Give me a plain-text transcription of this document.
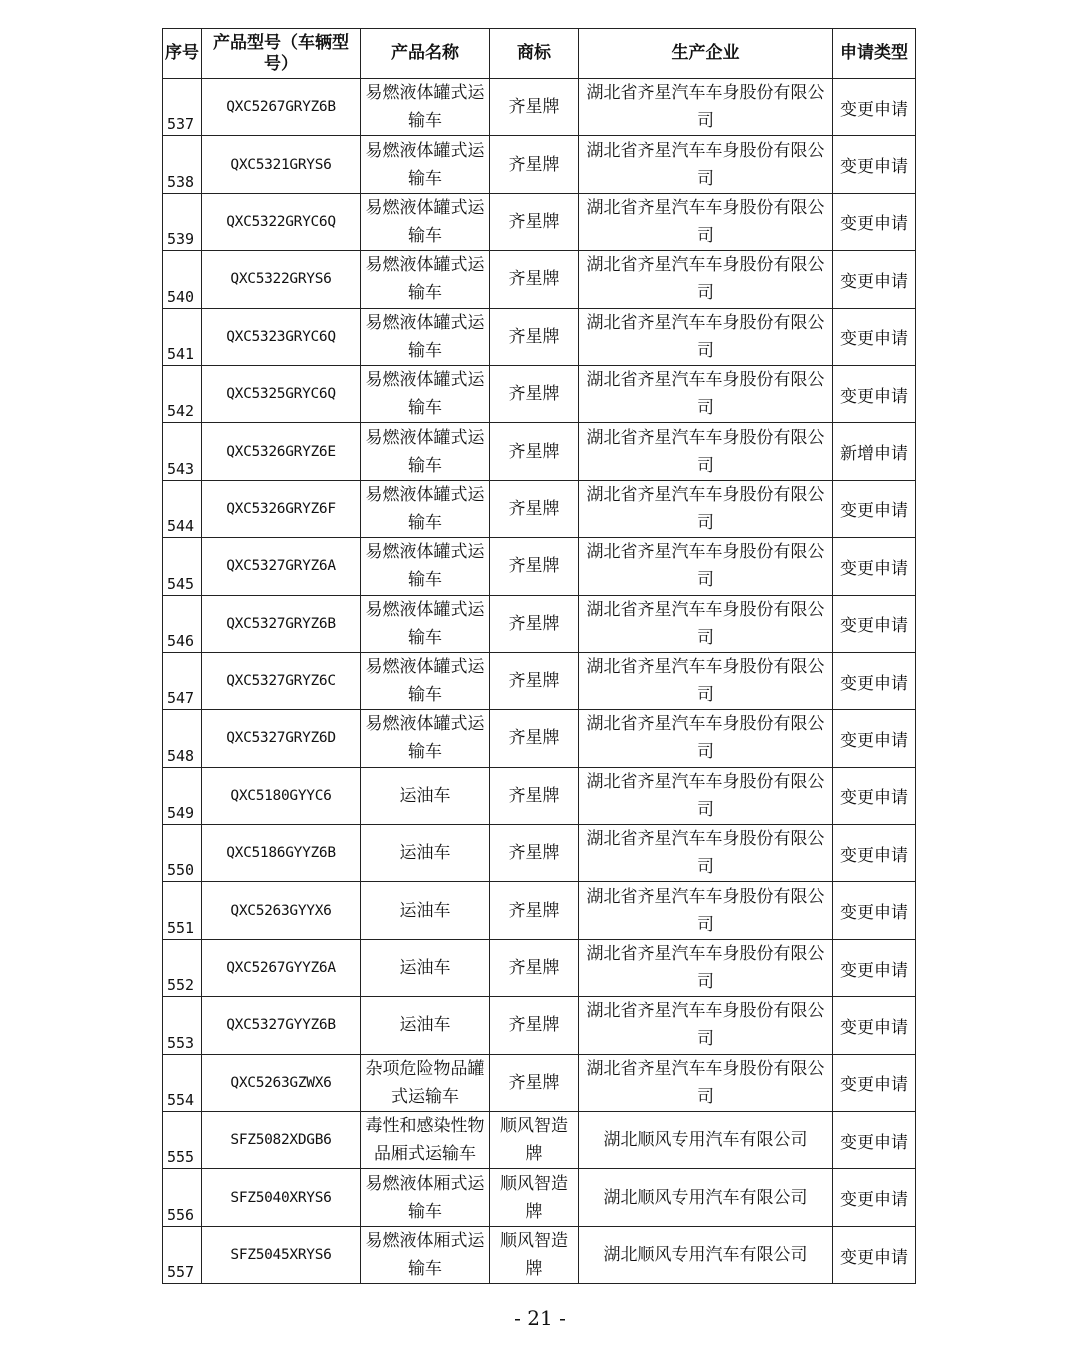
序号	产品型号（车辆型号）	产品名称	商标	生产企业	申请类型
537	QXC5267GRYZ6B	易燃液体罐式运输车	齐星牌	湖北省齐星汽车车身股份有限公司	变更申请
538	QXC5321GRYS6	易燃液体罐式运输车	齐星牌	湖北省齐星汽车车身股份有限公司	变更申请
539	QXC5322GRYC6Q	易燃液体罐式运输车	齐星牌	湖北省齐星汽车车身股份有限公司	变更申请
540	QXC5322GRYS6	易燃液体罐式运输车	齐星牌	湖北省齐星汽车车身股份有限公司	变更申请
541	QXC5323GRYC6Q	易燃液体罐式运输车	齐星牌	湖北省齐星汽车车身股份有限公司	变更申请
542	QXC5325GRYC6Q	易燃液体罐式运输车	齐星牌	湖北省齐星汽车车身股份有限公司	变更申请
543	QXC5326GRYZ6E	易燃液体罐式运输车	齐星牌	湖北省齐星汽车车身股份有限公司	新增申请
544	QXC5326GRYZ6F	易燃液体罐式运输车	齐星牌	湖北省齐星汽车车身股份有限公司	变更申请
545	QXC5327GRYZ6A	易燃液体罐式运输车	齐星牌	湖北省齐星汽车车身股份有限公司	变更申请
546	QXC5327GRYZ6B	易燃液体罐式运输车	齐星牌	湖北省齐星汽车车身股份有限公司	变更申请
547	QXC5327GRYZ6C	易燃液体罐式运输车	齐星牌	湖北省齐星汽车车身股份有限公司	变更申请
548	QXC5327GRYZ6D	易燃液体罐式运输车	齐星牌	湖北省齐星汽车车身股份有限公司	变更申请
549	QXC5180GYYC6	运油车	齐星牌	湖北省齐星汽车车身股份有限公司	变更申请
550	QXC5186GYYZ6B	运油车	齐星牌	湖北省齐星汽车车身股份有限公司	变更申请
551	QXC5263GYYX6	运油车	齐星牌	湖北省齐星汽车车身股份有限公司	变更申请
552	QXC5267GYYZ6A	运油车	齐星牌	湖北省齐星汽车车身股份有限公司	变更申请
553	QXC5327GYYZ6B	运油车	齐星牌	湖北省齐星汽车车身股份有限公司	变更申请
554	QXC5263GZWX6	杂项危险物品罐式运输车	齐星牌	湖北省齐星汽车车身股份有限公司	变更申请
555	SFZ5082XDGB6	毒性和感染性物品厢式运输车	顺风智造牌	湖北顺风专用汽车有限公司	变更申请
556	SFZ5040XRYS6	易燃液体厢式运输车	顺风智造牌	湖北顺风专用汽车有限公司	变更申请
557	SFZ5045XRYS6	易燃液体厢式运输车	顺风智造牌	湖北顺风专用汽车有限公司	变更申请
- 21 -
